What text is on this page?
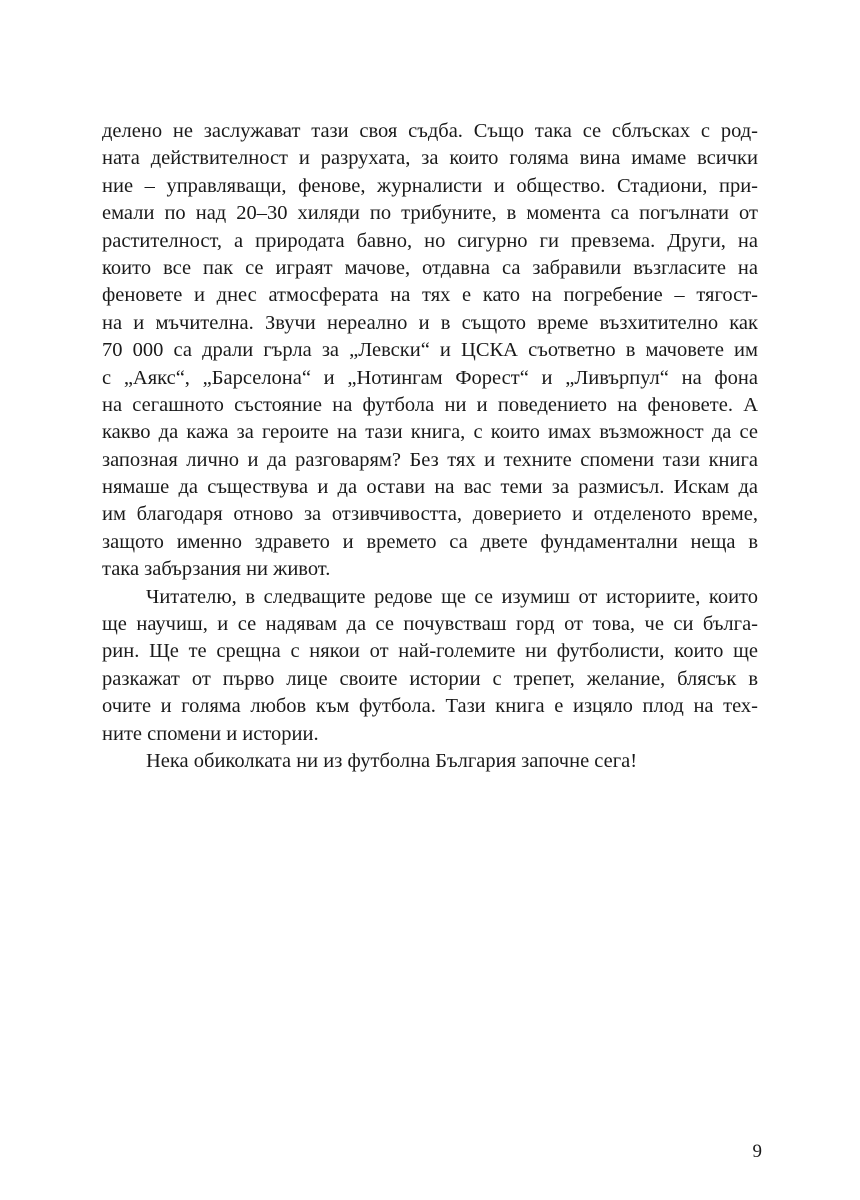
делено не заслужават тази своя съдба. Също така се сблъсках с род-
ната действителност и разрухата, за които голяма вина имаме всички
ние – управляващи, фенове, журналисти и общество. Стадиони, при-
емали по над 20–30 хиляди по трибуните, в момента са погълнати от
растителност, а природата бавно, но сигурно ги превзема. Други, на
които все пак се играят мачове, отдавна са забравили възгласите на
феновете и днес атмосферата на тях е като на погребение – тягост-
на и мъчителна. Звучи нереално и в същото време възхитително как
70 000 са драли гърла за „Левски“ и ЦСКА съответно в мачовете им
с „Аякс“, „Барселона“ и „Нотингам Форест“ и „Ливърпул“ на фона
на сегашното състояние на футбола ни и поведението на феновете. А
какво да кажа за героите на тази книга, с които имах възможност да се
запозная лично и да разговарям? Без тях и техните спомени тази книга
нямаше да съществува и да остави на вас теми за размисъл. Искам да
им благодаря отново за отзивчивостта, доверието и отделеното време,
защото именно здравето и времето са двете фундаментални неща в
така забързания ни живот.
Читателю, в следващите редове ще се изумиш от историите, които
ще научиш, и се надявам да се почувстваш горд от това, че си бълга-
рин. Ще те срещна с някои от най-големите ни футболисти, които ще
разкажат от първо лице своите истории с трепет, желание, блясък в
очите и голяма любов към футбола. Тази книга е изцяло плод на тех-
ните спомени и истории.
Нека обиколката ни из футболна България започне сега!
9
